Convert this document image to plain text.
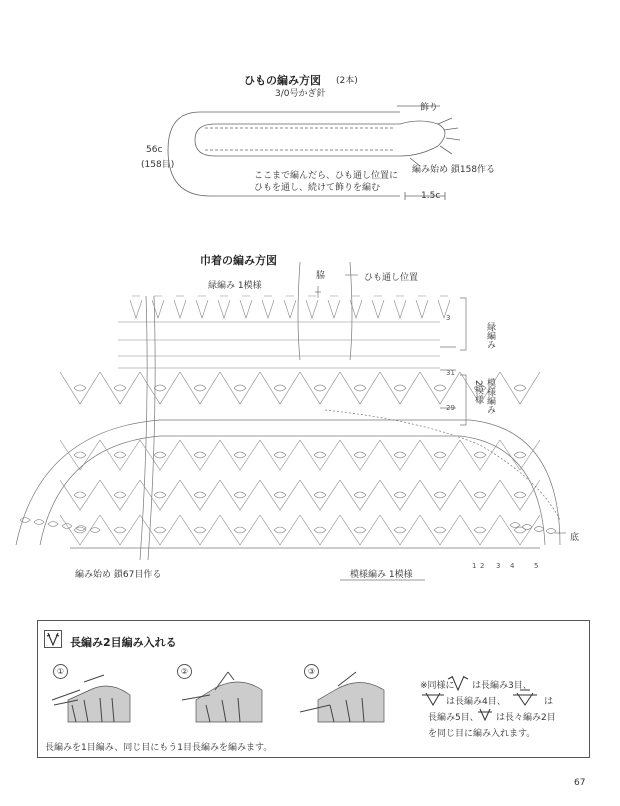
ひもの編み方図 (2本)
3/0号かぎ針
56c
(158目)
飾り
編み始め 鎖158作る
ここまで編んだら、ひも通し位置に
ひもを通し、続けて飾りを編む
1.5c
巾着の編み方図
緑編み 1模様
脇	ひも通し位置
緑編み
模様編み
2模様
3
31
29
底
編み始め 鎖67目作る	模様編み 1模様
1 2 3 4	5
長編み2目編み入れる
①	②	③
長編みを1目編み、同じ目にもう1目長編みを編みます。
※同様に は長編み3目、
は長編み4目、	は
長編み5目、 は長々編み2目
を同じ目に編み入れます。
67
